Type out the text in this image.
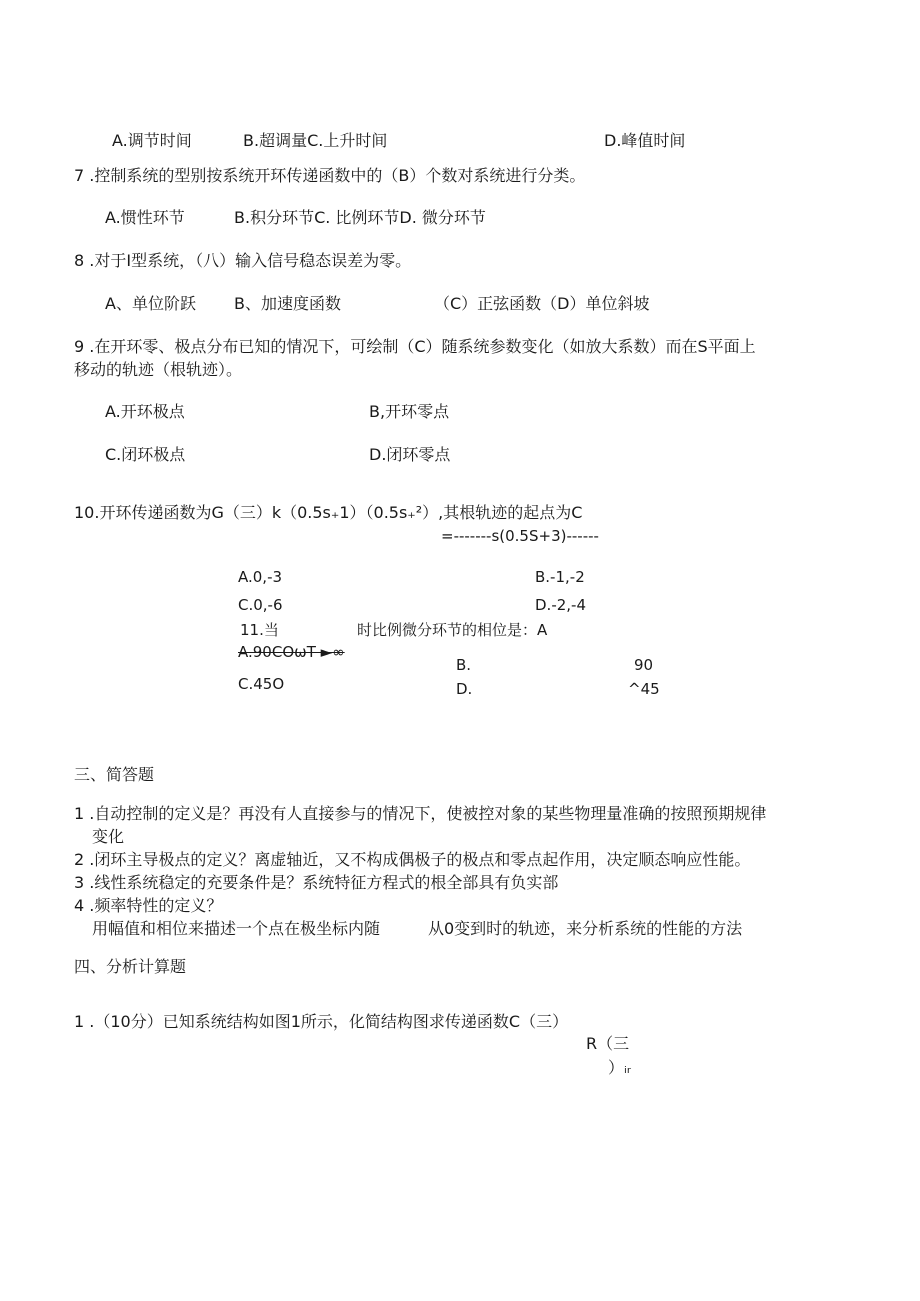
A.调节时间	B.超调量C.上升时间	D.峰值时间
7 .控制系统的型别按系统开环传递函数中的（B）个数对系统进行分类。
A.惯性环节	B.积分环节C. 比例环节D. 微分环节
8 .对于I型系统，（八）输入信号稳态误差为零。
A、单位阶跃 B、加速度函数	（C）正弦函数（D）单位斜坡
9 .在开环零、极点分布已知的情况下，可绘制（C）随系统参数变化（如放大系数）而在S平面上
移动的轨迹（根轨迹）。
A.开环极点	B,开环零点
C.闭环极点	D.闭环零点
10.开环传递函数为G（三）k（0.5s₊1）（0.5s₊²）,其根轨迹的起点为C
=-------s(0.5S+3)------
A.0,-3	B.-1,-2
C.0,-6	D.-2,-4
11.当	时比例微分环节的相位是：A
A.90COωT ►∞
B.	90
C.45O	D.	^45
三、简答题
1 .自动控制的定义是？再没有人直接参与的情况下，使被控对象的某些物理量准确的按照预期规律
变化
2 .闭环主导极点的定义？离虚轴近，又不构成偶极子的极点和零点起作用，决定顺态响应性能。
3 .线性系统稳定的充要条件是？系统特征方程式的根全部具有负实部
4 .频率特性的定义？
用幅值和相位来描述一个点在极坐标内随	从0变到时的轨迹，来分析系统的性能的方法
四、分析计算题
1 .（10分）已知系统结构如图1所示，化简结构图求传递函数C（三）
R（三
）ᵢᵣ
